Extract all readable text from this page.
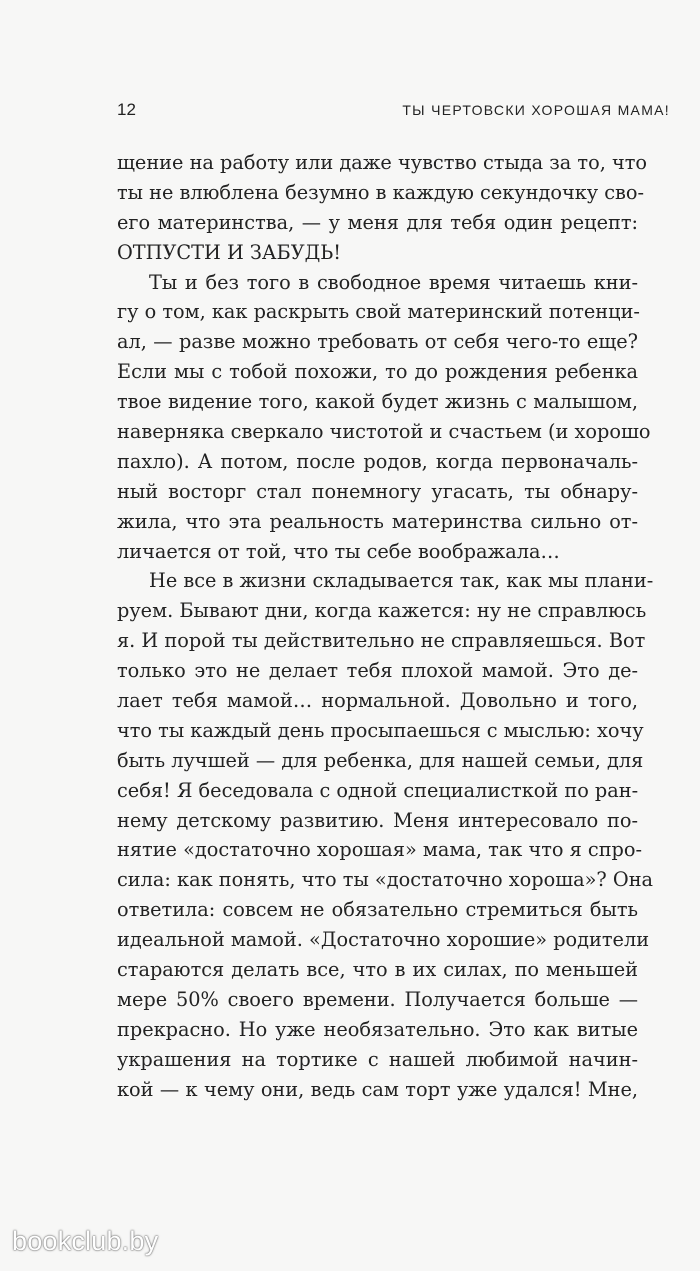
12	ТЫ ЧЕРТОВСКИ ХОРОШАЯ МАМА!
щение на работу или даже чувство стыда за то, что
ты не влюблена безумно в каждую секундочку сво-
его материнства, — у меня для тебя один рецепт:
ОТПУСТИ И ЗАБУДЬ!
Ты и без того в свободное время читаешь кни-
гу о том, как раскрыть свой материнский потенци-
ал, — разве можно требовать от себя чего-то еще?
Если мы с тобой похожи, то до рождения ребенка
твое видение того, какой будет жизнь с малышом,
наверняка сверкало чистотой и счастьем (и хорошо
пахло). А потом, после родов, когда первоначаль-
ный восторг стал понемногу угасать, ты обнару-
жила, что эта реальность материнства сильно от-
личается от той, что ты себе воображала…
Не все в жизни складывается так, как мы плани-
руем. Бывают дни, когда кажется: ну не справлюсь
я. И порой ты действительно не справляешься. Вот
только это не делает тебя плохой мамой. Это де-
лает тебя мамой… нормальной. Довольно и того,
что ты каждый день просыпаешься с мыслью: хочу
быть лучшей — для ребенка, для нашей семьи, для
себя! Я беседовала с одной специалисткой по ран-
нему детскому развитию. Меня интересовало по-
нятие «достаточно хорошая» мама, так что я спро-
сила: как понять, что ты «достаточно хороша»? Она
ответила: совсем не обязательно стремиться быть
идеальной мамой. «Достаточно хорошие» родители
стараются делать все, что в их силах, по меньшей
мере 50% своего времени. Получается больше —
прекрасно. Но уже необязательно. Это как витые
украшения на тортике с нашей любимой начин-
кой — к чему они, ведь сам торт уже удался! Мне,
bookclub.by
